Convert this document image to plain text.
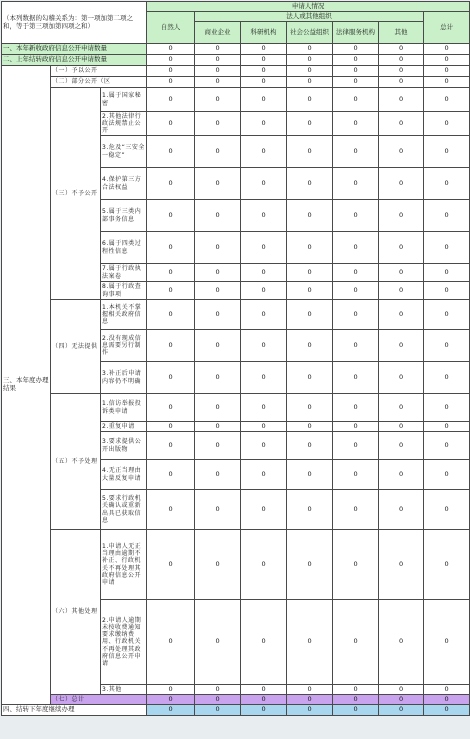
（本列数据的勾稽关系为：第一项加第二项之和，等于第三项加第四项之和）			申请人情况							
			自然人	法人或其他组织					总计	
				商业企业	科研机构	社会公益组织	法律服务机构	其他		
一、本年新收政府信息公开申请数量			0	0	0	0	0	0	0	
二、上年结转政府信息公开申请数量			0	0	0	0	0	0	0	
三、本年度办理结果	（一）予以公开		0	0	0	0	0	0	0	
	（二）部分公开（区		0	0	0	0	0	0	0	
	（三）不予公开	1.属于国家秘密	0	0	0	0	0	0	0	
		2.其他法律行政法规禁止公开	0	0	0	0	0	0	0	
		3.危及“三安全一稳定”	0	0	0	0	0	0	0	
		4.保护第三方合法权益	0	0	0	0	0	0	0	
		5.属于三类内部事务信息	0	0	0	0	0	0	0	
		6.属于四类过程性信息	0	0	0	0	0	0	0	
		7.属于行政执法案卷	0	0	0	0	0	0	0	
		8.属于行政查询事项	0	0	0	0	0	0	0	
	（四）无法提供	1.本机关不掌握相关政府信息	0	0	0	0	0	0	0	
		2.没有现成信息需要另行制作	0	0	0	0	0	0	0	
		3.补正后申请内容仍不明确	0	0	0	0	0	0	0	
	（五）不予处理	1.信访举报投诉类申请	0	0	0	0	0	0	0	
		2.重复申请	0	0	0	0	0	0	0	
		3.要求提供公开出版物	0	0	0	0	0	0	0	
		4.无正当理由大量反复申请	0	0	0	0	0	0	0	
		5.要求行政机关确认或重新出具已获取信息	0	0	0	0	0	0	0	
	（六）其他处理	1.申请人无正当理由逾期不补正、行政机关不再处理其政府信息公开申请	0	0	0	0	0	0	0	
		2.申请人逾期未按收费通知要求缴纳费用、行政机关不再处理其政府信息公开申请	0	0	0	0	0	0	0	
		3.其他	0	0	0	0	0	0	0	
	（七）总计		0	0	0	0	0	0	0	
四、结转下年度继续办理			0	0	0	0	0	0	0	
